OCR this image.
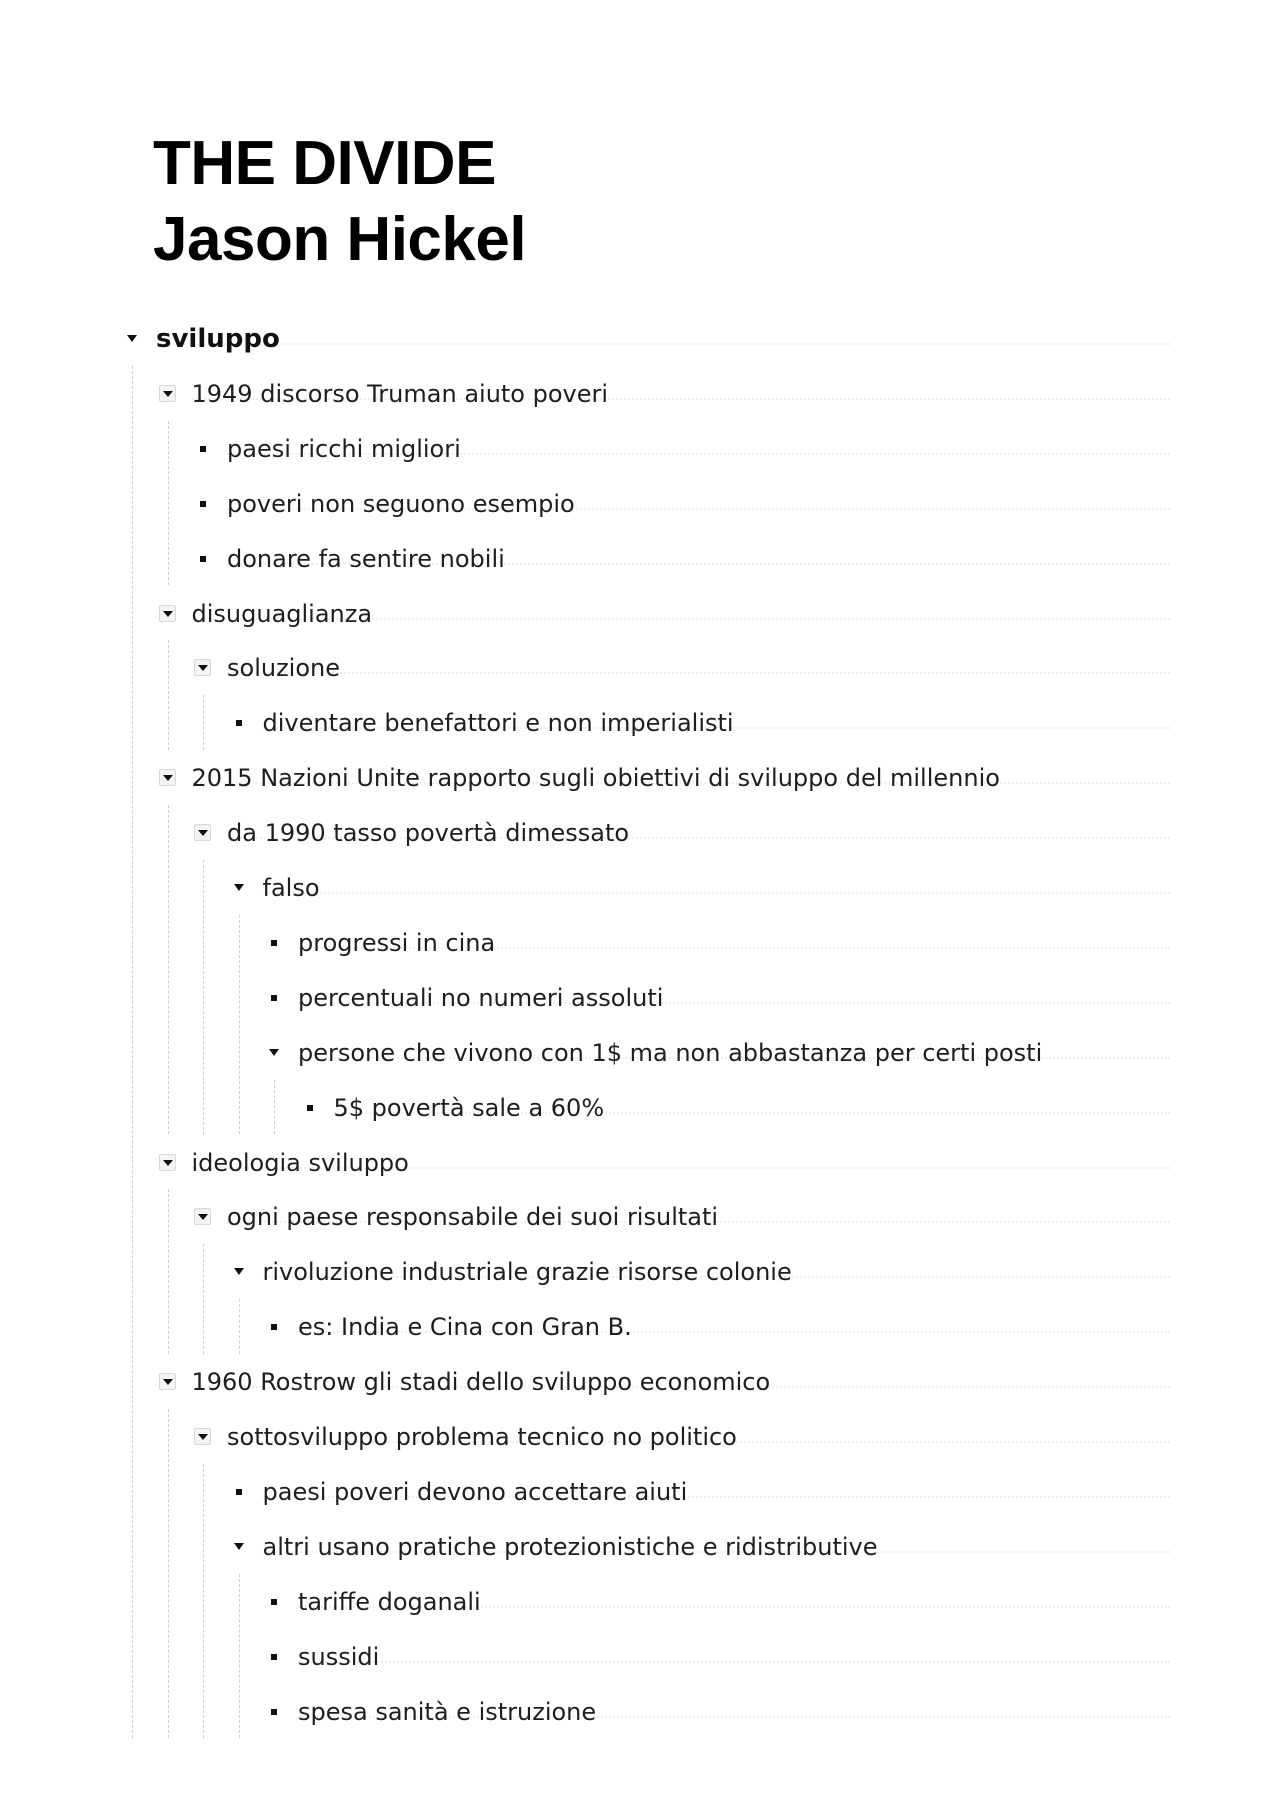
THE DIVIDE
Jason Hickel
sviluppo
1949 discorso Truman aiuto poveri
paesi ricchi migliori
poveri non seguono esempio
donare fa sentire nobili
disuguaglianza
soluzione
diventare benefattori e non imperialisti
2015 Nazioni Unite rapporto sugli obiettivi di sviluppo del millennio
da 1990 tasso povertà dimessato
falso
progressi in cina
percentuali no numeri assoluti
persone che vivono con 1$ ma non abbastanza per certi posti
5$ povertà sale a 60%
ideologia sviluppo
ogni paese responsabile dei suoi risultati
rivoluzione industriale grazie risorse colonie
es: India e Cina con Gran B.
1960 Rostrow gli stadi dello sviluppo economico
sottosviluppo problema tecnico no politico
paesi poveri devono accettare aiuti
altri usano pratiche protezionistiche e ridistributive
tariffe doganali
sussidi
spesa sanità e istruzione
